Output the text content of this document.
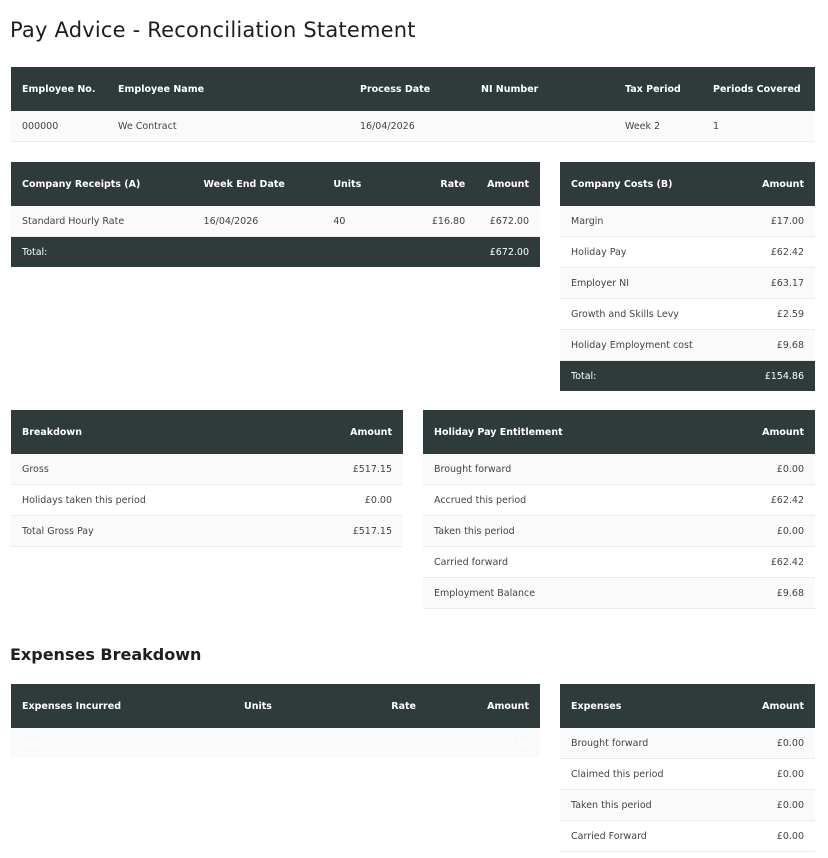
Pay Advice - Reconciliation Statement
Employee No.	Employee Name	Process Date	NI Number	Tax Period	Periods Covered
000000	We Contract	16/04/2026		Week 2	1
Company Receipts (A)	Week End Date	Units	Rate	Amount
Standard Hourly Rate	16/04/2026	40	£16.80	£672.00
Total:				£672.00
Company Costs (B)	Amount
Margin	£17.00
Holiday Pay	£62.42
Employer NI	£63.17
Growth and Skills Levy	£2.59
Holiday Employment cost	£9.68
Total:	£154.86
Breakdown	Amount
Gross	£517.15
Holidays taken this period	£0.00
Total Gross Pay	£517.15
Holiday Pay Entitlement	Amount
Brought forward	£0.00
Accrued this period	£62.42
Taken this period	£0.00
Carried forward	£62.42
Employment Balance	£9.68
Expenses Breakdown
Expenses Incurred	Units	Rate	Amount
Total:			£0.00
Expenses	Amount
Brought forward	£0.00
Claimed this period	£0.00
Taken this period	£0.00
Carried Forward	£0.00
